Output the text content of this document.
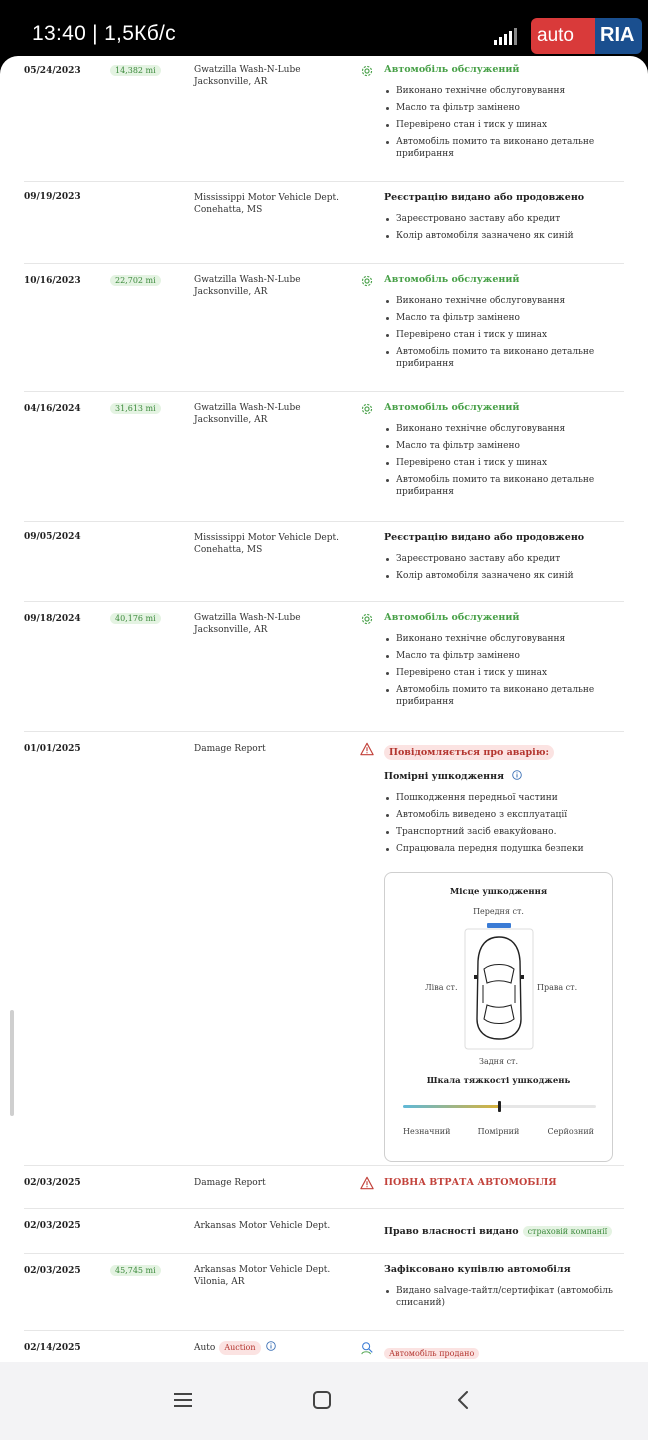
13:40 | 1,5Кб/с	auto	RIA
05/24/2023	14,382 mi	Gwatzilla Wash-N-Lube Jacksonville, AR
Автомобіль обслужений
Виконано технічне обслуговування
Масло та фільтр замінено
Перевірено стан і тиск у шинах
Автомобіль помито та виконано детальне прибирання
09/19/2023	Mississippi Motor Vehicle Dept. Conehatta, MS
Реєстрацію видано або продовжено
Зареєстровано заставу або кредит
Колір автомобіля зазначено як синій
10/16/2023	22,702 mi	Gwatzilla Wash-N-Lube Jacksonville, AR
Автомобіль обслужений
Виконано технічне обслуговування
Масло та фільтр замінено
Перевірено стан і тиск у шинах
Автомобіль помито та виконано детальне прибирання
04/16/2024	31,613 mi	Gwatzilla Wash-N-Lube Jacksonville, AR
Автомобіль обслужений
Виконано технічне обслуговування
Масло та фільтр замінено
Перевірено стан і тиск у шинах
Автомобіль помито та виконано детальне прибирання
09/05/2024	Mississippi Motor Vehicle Dept. Conehatta, MS
Реєстрацію видано або продовжено
Зареєстровано заставу або кредит
Колір автомобіля зазначено як синій
09/18/2024	40,176 mi	Gwatzilla Wash-N-Lube Jacksonville, AR
Автомобіль обслужений
Виконано технічне обслуговування
Масло та фільтр замінено
Перевірено стан і тиск у шинах
Автомобіль помито та виконано детальне прибирання
01/01/2025	Damage Report	Повідомляється про аварію:
Помірні ушкодження
Пошкодження передньої частини
Автомобіль виведено з експлуатації
Транспортний засіб евакуйовано.
Спрацювала передня подушка безпеки
Місце ушкодження
Передня ст.
Ліва ст.	Права ст.
Задня ст.
Шкала тяжкості ушкоджень
Незначний	Помірний	Серйозний
02/03/2025	Damage Report	ПОВНА ВТРАТА АВТОМОБІЛЯ
02/03/2025	Arkansas Motor Vehicle Dept.	Право власності видано страховій компанії
02/03/2025	45,745 mi	Arkansas Motor Vehicle Dept. Vilonia, AR
Зафіксовано купівлю автомобіля
Видано salvage-тайтл/сертифікат (автомобіль списаний)
02/14/2025	Auto Auction
Автомобіль продано
